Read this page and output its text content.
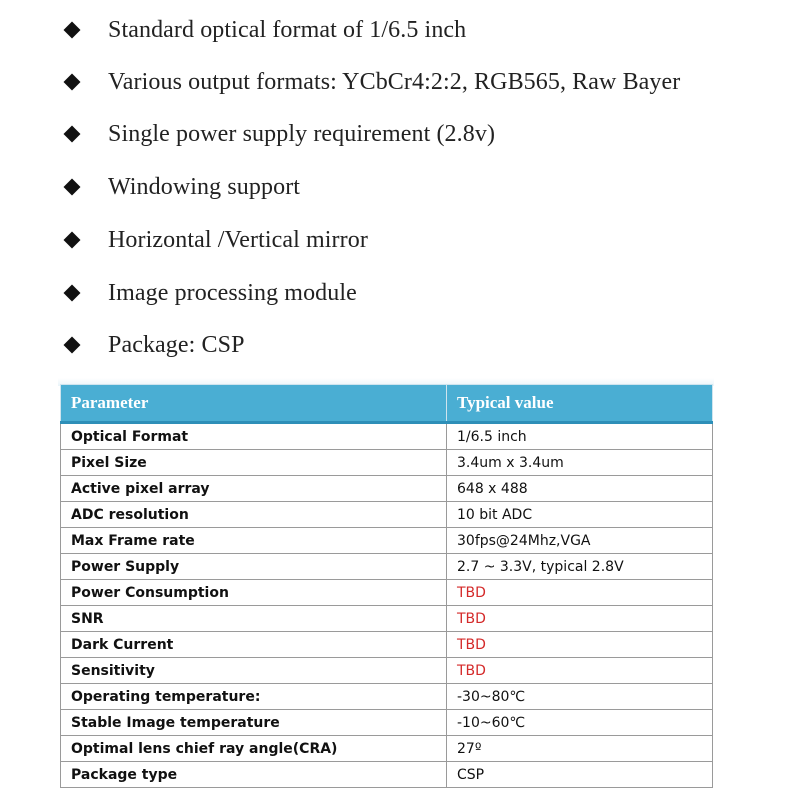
Standard optical format of 1/6.5 inch
Various output formats: YCbCr4:2:2, RGB565, Raw Bayer
Single power supply requirement (2.8v)
Windowing support
Horizontal /Vertical mirror
Image processing module
Package: CSP
Parameter	Typical value
Optical Format	1/6.5 inch
Pixel Size	3.4um x 3.4um
Active pixel array	648 x 488
ADC resolution	10 bit ADC
Max Frame rate	30fps@24Mhz,VGA
Power Supply	2.7 ~ 3.3V, typical 2.8V
Power Consumption	TBD
SNR	TBD
Dark Current	TBD
Sensitivity	TBD
Operating temperature:	-30~80℃
Stable Image temperature	-10~60℃
Optimal lens chief ray angle(CRA)	27º
Package type	CSP
